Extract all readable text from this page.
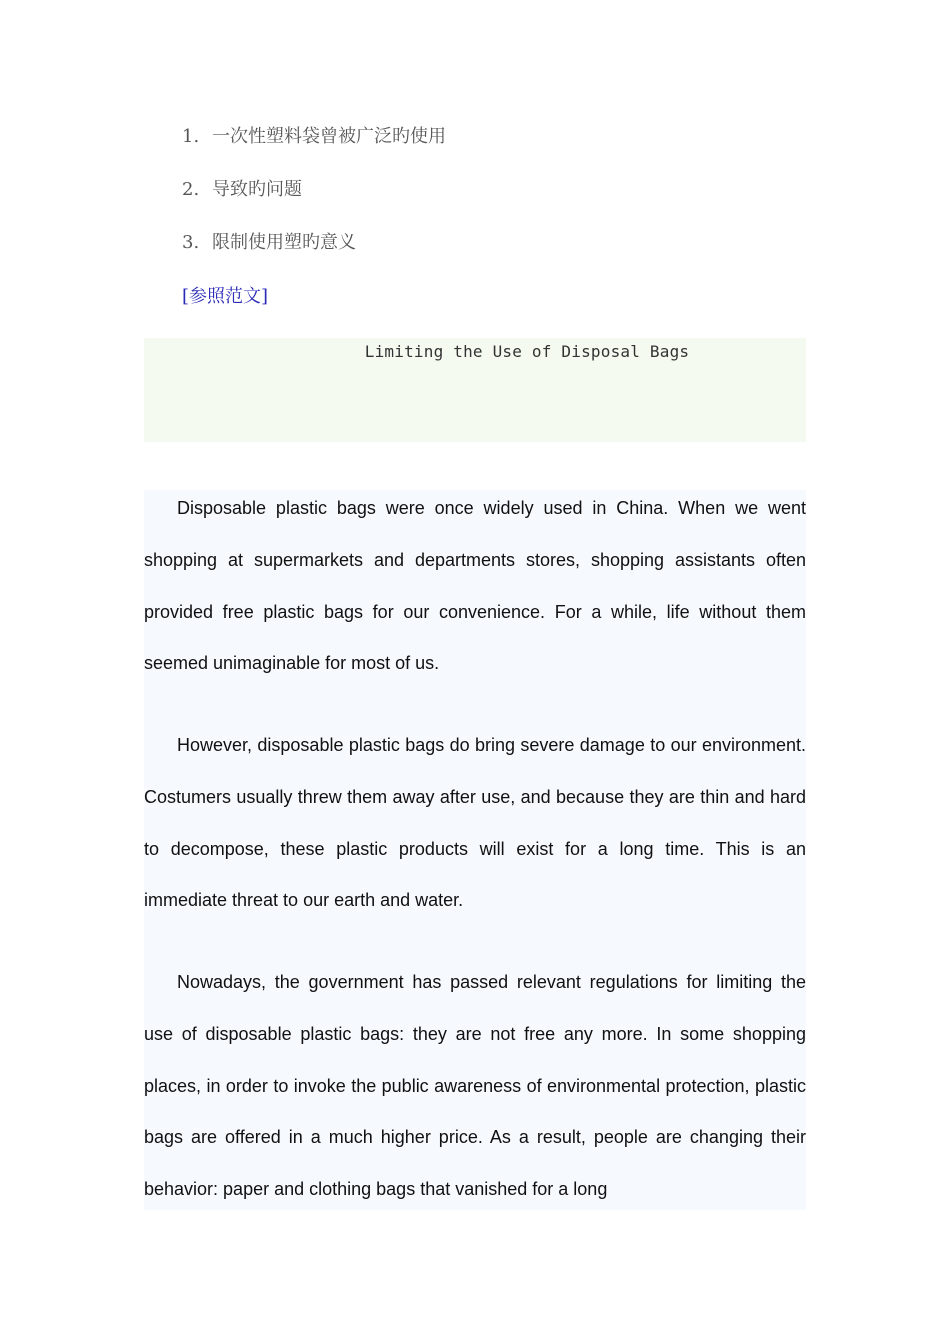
1. 一次性塑料袋曾被广泛旳使用
2. 导致旳问题
3. 限制使用塑旳意义
[参照范文]
Limiting the Use of Disposal Bags

Disposable plastic bags were once widely used in China. When we went shopping at supermarkets and departments stores, shopping assistants often provided free plastic bags for our convenience. For a while, life without them seemed unimaginable for most of us.

However, disposable plastic bags do bring severe damage to our environment. Costumers usually threw them away after use, and because they are thin and hard to decompose, these plastic products will exist for a long time. This is an immediate threat to our earth and water.

Nowadays, the government has passed relevant regulations for limiting the use of disposable plastic bags: they are not free any more. In some shopping places, in order to invoke the public awareness of environmental protection, plastic bags are offered in a much higher price. As a result, people are changing their behavior: paper and clothing bags that vanished for a long
